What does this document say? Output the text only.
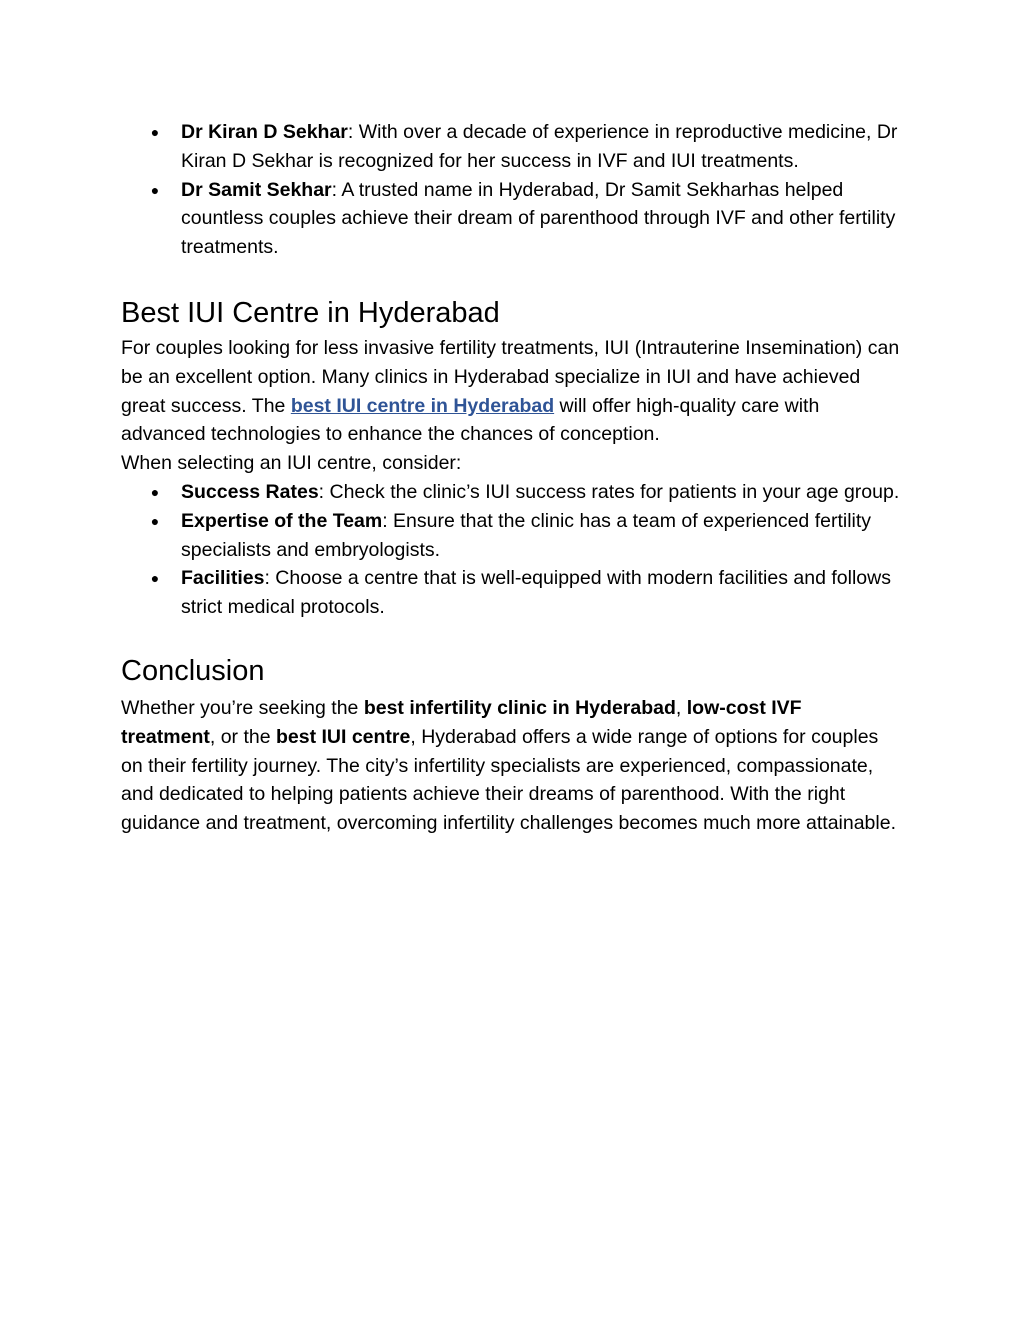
● Dr Kiran D Sekhar: With over a decade of experience in reproductive medicine, Dr Kiran D Sekhar is recognized for her success in IVF and IUI treatments.
● Dr Samit Sekhar: A trusted name in Hyderabad, Dr Samit Sekharhas helped countless couples achieve their dream of parenthood through IVF and other fertility treatments.
Best IUI Centre in Hyderabad

For couples looking for less invasive fertility treatments, IUI (Intrauterine Insemination) can be an excellent option. Many clinics in Hyderabad specialize in IUI and have achieved great success. The best IUI centre in Hyderabad will offer high-quality care with advanced technologies to enhance the chances of conception.

When selecting an IUI centre, consider:

● Success Rates: Check the clinic’s IUI success rates for patients in your age group.
● Expertise of the Team: Ensure that the clinic has a team of experienced fertility specialists and embryologists.
● Facilities: Choose a centre that is well-equipped with modern facilities and follows strict medical protocols.
Conclusion

Whether you’re seeking the best infertility clinic in Hyderabad, low-cost IVF treatment, or the best IUI centre, Hyderabad offers a wide range of options for couples on their fertility journey. The city’s infertility specialists are experienced, compassionate, and dedicated to helping patients achieve their dreams of parenthood. With the right guidance and treatment, overcoming infertility challenges becomes much more attainable.
